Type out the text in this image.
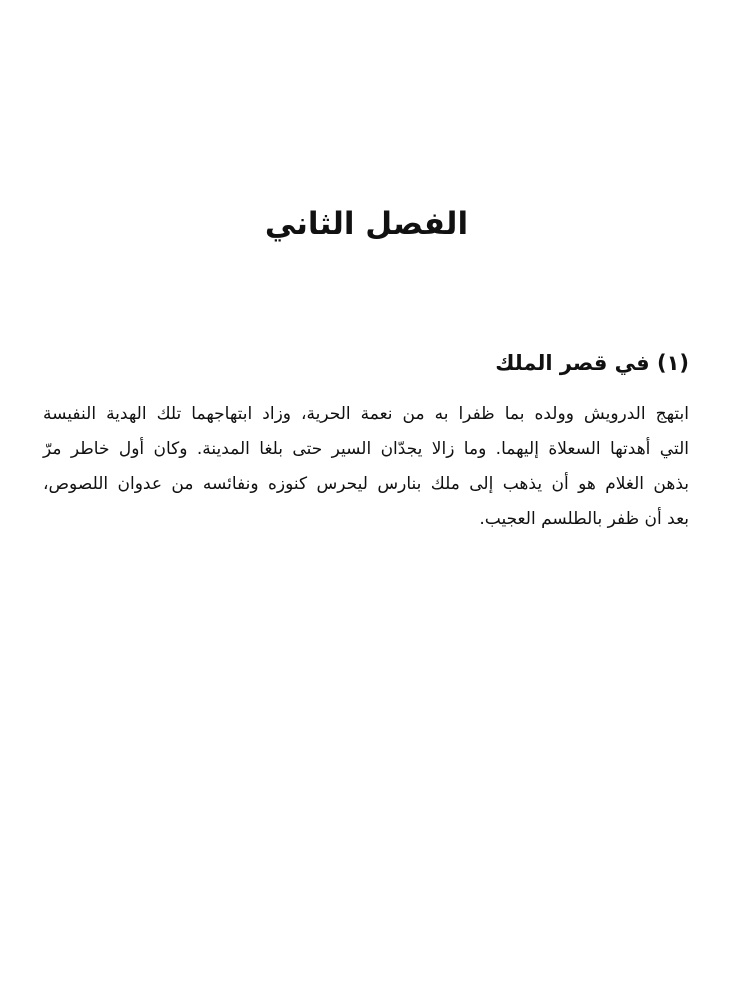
الفصل الثاني
(١) في قصر الملك
ابتهج الدرويش وولده بما ظفرا به من نعمة الحرية، وزاد ابتهاجهما تلك الهدية النفيسة
التي أهدتها السعلاة إليهما. وما زالا يجدّان السير حتى بلغا المدينة. وكان أول خاطر مرّ
بذهن الغلام هو أن يذهب إلى ملك بنارس ليحرس كنوزه ونفائسه من عدوان اللصوص،
بعد أن ظفر بالطلسم العجيب.
